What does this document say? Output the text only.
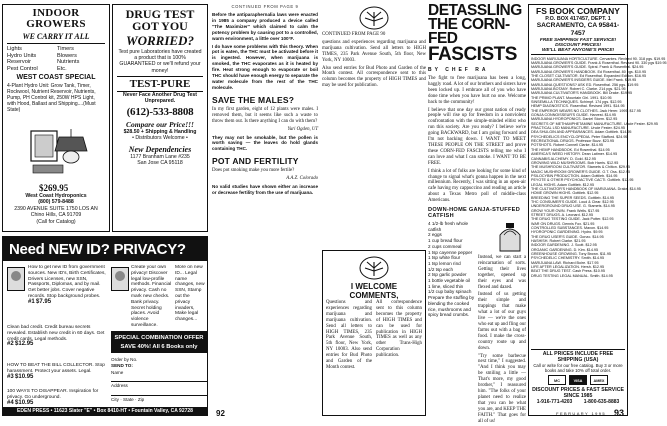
INDOOR GROWERS
WE CARRY IT ALL
Lights	Timers
Hydro Units	Blowers
Reservoir	Nutrients
Pest Control	Etc.
WEST COAST SPECIAL
4-Plant Hydro Unit: Grow Tank, Timer, Rockwool, Nutrient Reservoir, Nutrients, Pump, PH Control kit, 250W HPS Light, with Hood, Ballast and Shipping....(Must State)
$269.95
West Coast Hydroponics
(800) 579-8488
2390 AVENUE SUITE 1750 LOS AN Chino Hills, CA 91709
(Call for Catalog)
Need NEW ID? PRIVACY?
How to get new ID from government sources. New ID's, Birth Certificates, Drivers Licenses, new SSN, Passports, Diplomas, and by mail. Get better jobs. Cover negative records. Stop background probes.
#1 $7.95
Clean bad credit. Credit bureau secrets revealed. Establish new credit in 60 days. Get credit cards. Legal methods.
#2 $12.95
HOW TO BEAT THE BILL COLLECTOR. Stop harassment. Protect your assets. Legal.
#3 $10.95
100 WAYS TO DISAPPEAR. Inspiration for privacy. Go underground.
#4 $10.95
Create your own privacy! Discover legal low-profile methods. Financial privacy. Cash no mark new checks. Bank privacy. Secret holding places. Avoid violence surveillance.
More on new ID... Legal name changes, new SSN, Stamp out the privacy invaders, Make legal changes...
SPECIAL COMBINATION OFFER
SAVE 40%! All 6 Books only $49.95
Order by No.
SEND TO:
Name
Address
City · State · Zip
EDEN PRESS • 11623 Slater "E" • Box 8410-HT • Fountain Valley, CA 92728
DRUG TEST GOT YOU
WORRIED?
Test pure Laboratories have created a product that is 100% GUARANTEED or we'll refund your money!
TEST-PURE
Never Face Another Drug Test Unprepared.
(612)-533-8808
Compare our Price!!!
$28.50 + Shipping & Handling
• Distributors Welcome •
New Dependencies
1177 Branham Lane #235
San Jose CA 95118
CONTINUED FROM PAGE 9

Before the antiparaphernalia laws were enacted in 1985 a company produced a device called "The Maximizer" which claimed to calm the potency problem by causing pot to a controlled, warm environment, a little over 100°F.

I do have some problems with this theory. When pot is eaten, the THC must be activated before it is ingested. However, when marijuana is smoked, the THC evaporates as it is heated by fire. Heat strong enough to evaporate or boil THC should have enough energy to separate the water molecule from the rest of the THC molecule.

SAVE THE MALES?

In my first garden, eight of 12 plants were males. I removed them, but it seems like such a waste to throw them out. Is there anything I can do with them?

Yuri Ogden, UT

They may not be smokable, but the pollen is worth saving — the leaves do hold glands containing THC.

POT AND FERTILITY

Does pot smoking make you more fertile?

A.A.Z. Colorado

No valid studies have shown either an increase or decrease fertility from the use of marijuana.

CONTINUED FROM PAGE 90

questions and experiences regarding marijuana and marijuana cultivation. Send all letters to HIGH TIMES, 235 Park Avenue South, 5th floor, New York, NY 10003.

Also send entries for Bud Photo and Garden of the Month contest. All correspondence sent to this column becomes the property of HIGH TIMES and may be used for publication.

I WELCOME COMMENTS,

Questions and experiences regarding marijuana and marijuana cultivation. Send all letters to HIGH TIMES, 235 Park Avenue South, 5th floor, New York, NY 10003. Also send entries for Bud Photo and Garden of the Month contest.

All correspondence sent to this column becomes the property of HIGH TIMES and can be used for publication in HIGH TIMES as well as any other Trans-High Corporation publication.

DETASSLING
THE CORN-FED
FASCISTS
BY CHEF RA

The fight to free marijuana has been a long, haggly road. A lot of our brothers and sisters have been locked up. I embrace all of you who have done time when you have hurt no one. Welcome back to the community!

I believe that one day our great nation of ready people will rise up for freedom in a nonviolent confrontation with the simple-minded elitist who run this society. Are you ready? I believe we're going BACKWARD, but I am going forward and I'm not backing down. I WANT TO MEET THESE PEOPLE ON THE STREET and prove these CORN-FED FASCISTS telling me who I can love and what I can smoke. I WANT TO BE FREE.

I think a lot of folks are looking for some kind of change to signal what's gonna happen in the next millennium. Recently, I was sitting in an open-air cafe having my cappuccino and reading an article about a Texas Metro poll of middle-class Americans.

DOWN-HOME GANJA-STUFFED CATFISH
4 1/2-lb fresh whole catfish
2 eggs
1 cup bread flour
2 cups commeal
1 tsp cayenne pepper
1 tsp white flour
1 tsp lemon rind
1/2 tsp each
2 tsp garlic powder
1 bottle vegetable oil
1 lime, sliced thin
1/2 cup baby spinach
Prepare the stuffing by blending the cooked rice, mushrooms and spicy bread crumbs.

Instead, we can start a reincarnation of sorts. Getting their lives together, opened up their eyes and was flexed and dazed.

Instead of us getting their simple and trappings that make what a lot of our guys live — we're the ones who eat up and fling our farms out with a bag of food. I make the cross-country route up and down.

"Try some barbecue next time," I suggested. "And I think you may be smiling a little — That's more, my good brother," I reassured him. "The folks of your planet need to realize that you can be what you are, and KEEP THE FAITH." That goes for all of us!

FS BOOK COMPANY
P.O. BOX 417457, DEPT. 1
SACRAMENTO, CA 95841-7457
FREE SHIPPING! FAST SERVICE! DISCOUNT PRICES!
WE'LL BEAT ANYONE'S PRICE!
INDOOR MARIJUANA HORTICULTURE. Cervantes. Revised 90. 318 pgs. $19.95
MARIJUANA GROWER'S GUIDE. Frank & Rosenthal. Revised 90. 330 pgs $19.95
MARIJUANA GROWER'S GUIDE. Spiral. Frank & Rosenthal. $24.95
MARIJUANA GROWER'S HANDBOOK. Ed Rosenthal. 80 pgs. $10.95
THE CLOSET CULTIVATOR. Ed Rosenthal. Expanded Edition. $16.95
MARIJUANA GROWER'S INSIDERS GUIDE. Mel Frank. $19.95
MARIJUANA QUESTIONS? ASK ED. Rosenthal. 256 pgs. $19.95
MARIJUANA BOTANY. Robert C. Clarke. 214 pgs. $21.95
MARIJUANA CULTIVATOR'S HANDBOOK. Bill Drake. $19.95
THE PRIMO PLANT. Mountain Girl. 1991. $10.95
SINSEMILLA TECHNIQUES. Schimpf. 174 pgs. $12.95
HEMP DIAGNOSTICS. Rosenthal. Revised 1991. $14.95
THE EMPEROR WEARS NO CLOTHES. Jack Herer. 1995. $17.95
GONJA CONNOISSEUR'S GUIDE. Harvest. $14.95
MARIJUANA HYDROPONICS. Daniel Storm. $12.95
SECRETS OF METHAMPHETAMINE MANUFACTURE. Uncle Fester. $29.95
PRACTICAL LSD MANUFACTURE. Uncle Fester. $24.95
DEA SHULGIN AND APPEARANCES. Adam Gottlieb. $14.95
PSYCHEDELICS ENCYCLOPEDIA. Peter Stafford. $24.95
RECREATIONAL DRUGS. Professor Buzz. $23.95
POTSHOTS. Robert Connell Clarke. $14.95
THE HEMP HANDBOOK. Ed Rosenthal. $14.95
AMERICA'S WEED HISTORY. Dean Latimer. $14.95
CANNABIS ALCHEMY. D. Gold. $12.95
GROWING WILD MUSHROOMS. Bob Harris. $12.95
THE MUSHROOM CULTIVATOR. Stamets & Chilton. $29.95
MAGIC MUSHROOM GROWER'S GUIDE. O.T. Oss. $12.95
PSILOCYBIN PRODUCTION. Adam Gottlieb. $14.95
PEYOTE & OTHER PSYCHOACTIVE CACTI. Gottlieb. $12.95
LEGAL HIGHS. Adam Gottlieb. $12.95
THE CULTIVATOR'S HANDBOOK OF MARIJUANA. Drake. $14.95
HOME GROWN HIGHS. Gottlieb. $12.95
BREEDING THE SUPER SEEDS. Gottlieb. $14.95
THC CONSUMER'S GUIDE. Loud & Clear. $12.95
UNDERGROUND DRUG USE. G. Stamets. $14.95
GROW YOUR OWN. Frank Wells. $17.95
STREET DRUGS. A. Leonard. $12.95
THE DRUG TESTING GUIDE. Jack Potter. $12.95
WAR ON DRUGS. Dennis Fox. $21.95
CONTROLLED SUBSTANCES. Maxon. $14.95
HYDROPONIC GARDENING. Hydro. $9.95
THE DRUG USER'S GUIDE. Gonzo. $14.95
HASHISH. Robert Clarke. $21.95
INDOOR GARDENING. J. Scott. $12.95
ORGANIC GARDENING. D. Kim. $14.95
GREENHOUSE GROWING. Tony Brown. $11.95
PSYCHEDELIC CHEMISTRY. Smith. $14.95
MARIJUANA LAW. Richard Boire. $17.95
LIFE AFTER LEGALIZATION. Hersh. $12.95
BEAT THE DRUG TEST. Cash Press. $10.95
DRUG TESTING LEGAL MANUAL. Smith. $14.95
ALL PRICES INCLUDE FREE SHIPPING (USA)
Call or write for our free catalog. Buy 3 or more books and take 10% off total order.
MC	VISA	AMEX
DISCOUNT PRICES & FAST SERVICE SINCE 1985
1-916-771-4203	1-800-635-8883
92	FEBRUARY 1995 93
